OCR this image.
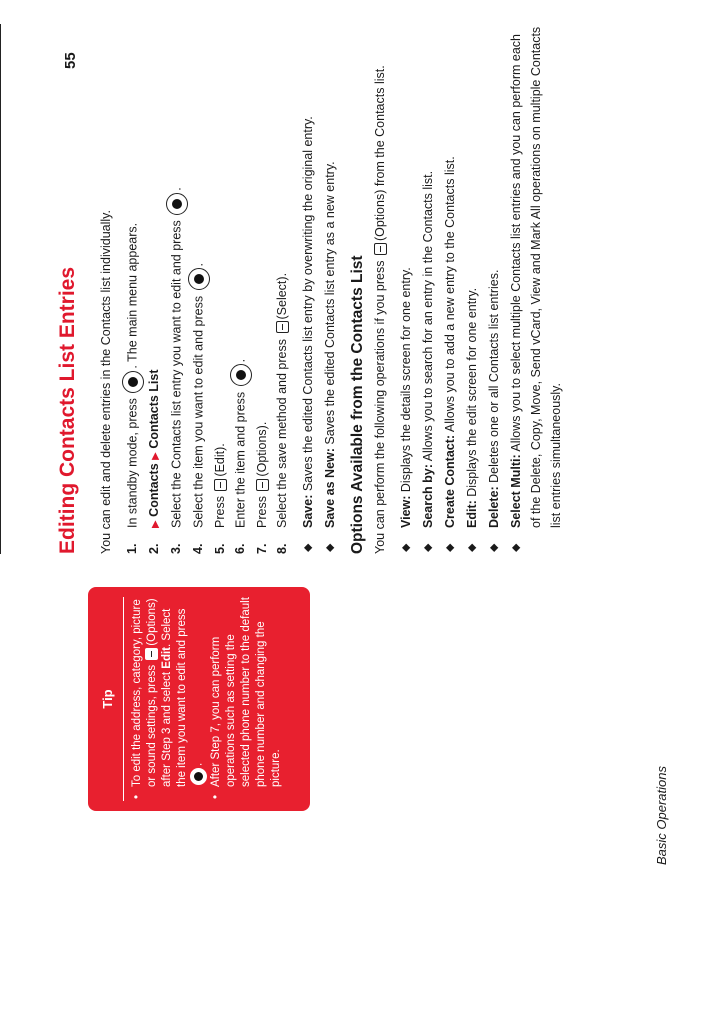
55
Basic Operations
Editing Contacts List Entries You can edit and delete entries in the Contacts list individually. 1.
In standby mode, press . The main menu appears.
2.
▶ Contacts ▶ Contacts List
3.
Select the Contacts list entry you want to edit and press .
4.
Select the item you want to edit and press .
5.
Press (Edit).
6.
Enter the item and press .
7.
Press (Options).
8.
Select the save method and press (Select).
◆ Save: Saves the edited Contacts list entry by overwriting the original entry. ◆ Save as New: Saves the edited Contacts list entry as a new entry. Options Available from the Contacts List You can perform the following operations if you press (Options) from the Contacts list.

◆ View: Displays the details screen for one entry.
◆ Search by: Allows you to search for an entry in the Contacts list.
◆ Create Contact: Allows you to add a new entry to the Contacts list.
◆ Edit: Displays the edit screen for one entry.
◆ Delete: Deletes one or all Contacts list entries.
◆ Select Multi: Allows you to select multiple Contacts list entries and you can perform each of the Delete, Copy, Move, Send vCard, View and Mark All operations on multiple Contacts list entries simultaneously.
Tip • To edit the address, category, picture or sound settings, press (Options) after Step 3 and select Edit. Select the item you want to edit and press . • After Step 7, you can perform operations such as setting the selected phone number to the default phone number and changing the picture.
